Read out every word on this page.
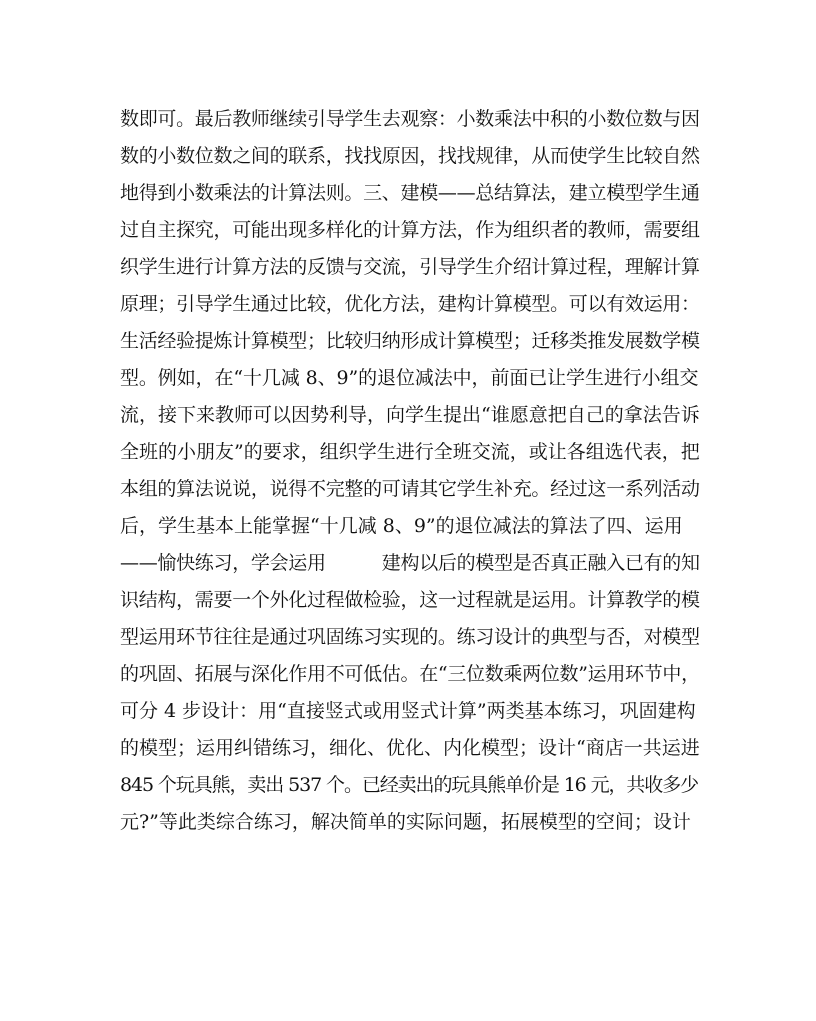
数即可。最后教师继续引导学生去观察：小数乘法中积的小数位数与因
数的小数位数之间的联系，找找原因，找找规律，从而使学生比较自然
地得到小数乘法的计算法则。三、建模——总结算法，建立模型学生通
过自主探究，可能出现多样化的计算方法，作为组织者的教师，需要组
织学生进行计算方法的反馈与交流，引导学生介绍计算过程，理解计算
原理；引导学生通过比较，优化方法，建构计算模型。可以有效运用：
生活经验提炼计算模型；比较归纳形成计算模型；迁移类推发展数学模
型。例如，在“十几减 8、9”的退位减法中，前面已让学生进行小组交
流，接下来教师可以因势利导，向学生提出“谁愿意把自己的拿法告诉
全班的小朋友”的要求，组织学生进行全班交流，或让各组选代表，把
本组的算法说说，说得不完整的可请其它学生补充。经过这一系列活动
后，学生基本上能掌握“十几减 8、9”的退位减法的算法了四、运用
——愉快练习，学会运用　　　建构以后的模型是否真正融入已有的知
识结构，需要一个外化过程做检验，这一过程就是运用。计算教学的模
型运用环节往往是通过巩固练习实现的。练习设计的典型与否，对模型
的巩固、拓展与深化作用不可低估。在“三位数乘两位数”运用环节中，
可分 4 步设计：用“直接竖式或用竖式计算”两类基本练习，巩固建构
的模型；运用纠错练习，细化、优化、内化模型；设计“商店一共运进
845 个玩具熊，卖出 537 个。已经卖出的玩具熊单价是 16 元，共收多少
元?”等此类综合练习，解决简单的实际问题，拓展模型的空间；设计
